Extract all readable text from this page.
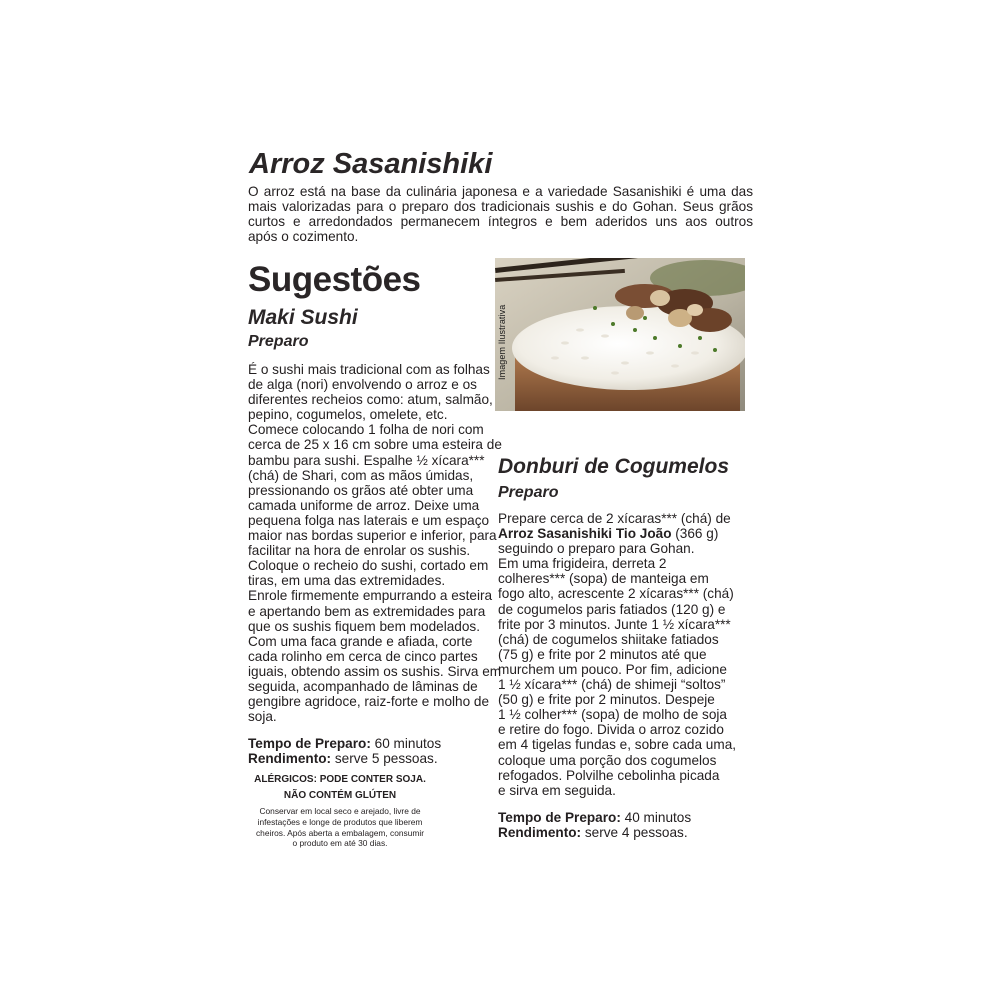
Arroz Sasanishiki
O arroz está na base da culinária japonesa e a variedade Sasanishiki é uma das
mais valorizadas para o preparo dos tradicionais sushis e do Gohan. Seus grãos
curtos e arredondados permanecem íntegros e bem aderidos uns aos outros
após o cozimento.
Sugestões
Maki Sushi
Preparo
É o sushi mais tradicional com as folhas
de alga (nori) envolvendo o arroz e os
diferentes recheios como: atum, salmão,
pepino, cogumelos, omelete, etc.
Comece colocando 1 folha de nori com
cerca de 25 x 16 cm sobre uma esteira de
bambu para sushi. Espalhe ½ xícara***
(chá) de Shari, com as mãos úmidas,
pressionando os grãos até obter uma
camada uniforme de arroz. Deixe uma
pequena folga nas laterais e um espaço
maior nas bordas superior e inferior, para
facilitar na hora de enrolar os sushis.
Coloque o recheio do sushi, cortado em
tiras, em uma das extremidades.
Enrole firmemente empurrando a esteira
e apertando bem as extremidades para
que os sushis fiquem bem modelados.
Com uma faca grande e afiada, corte
cada rolinho em cerca de cinco partes
iguais, obtendo assim os sushis. Sirva em
seguida, acompanhado de lâminas de
gengibre agridoce, raiz-forte e molho de
soja.

Tempo de Preparo: 60 minutos

Rendimento: serve 5 pessoas.

ALÉRGICOS: PODE CONTER SOJA.

NÃO CONTÉM GLÚTEN

Conservar em local seco e arejado, livre de
infestações e longe de produtos que liberem
cheiros. Após aberta a embalagem, consumir
o produto em até 30 dias.
Imagem Ilustrativa
Donburi de Cogumelos
Preparo
Prepare cerca de 2 xícaras*** (chá) de
Arroz Sasanishiki Tio João (366 g)
seguindo o preparo para Gohan.
Em uma frigideira, derreta 2
colheres*** (sopa) de manteiga em
fogo alto, acrescente 2 xícaras*** (chá)
de cogumelos paris fatiados (120 g) e
frite por 3 minutos. Junte 1 ½ xícara***
(chá) de cogumelos shiitake fatiados
(75 g) e frite por 2 minutos até que
murchem um pouco. Por fim, adicione
1 ½ xícara*** (chá) de shimeji “soltos”
(50 g) e frite por 2 minutos. Despeje
1 ½ colher*** (sopa) de molho de soja
e retire do fogo. Divida o arroz cozido
em 4 tigelas fundas e, sobre cada uma,
coloque uma porção dos cogumelos
refogados. Polvilhe cebolinha picada
e sirva em seguida.

Tempo de Preparo: 40 minutos

Rendimento: serve 4 pessoas.
